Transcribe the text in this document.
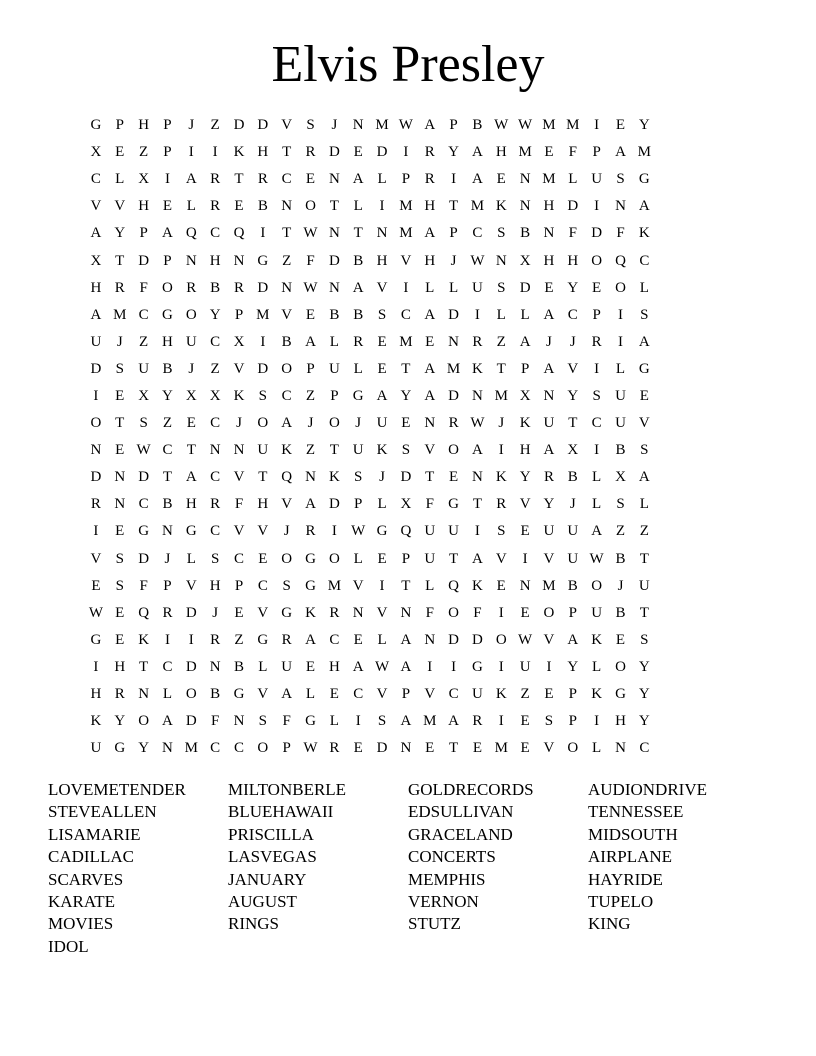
Elvis Presley
G P H P	J	Z D D V S	J	N M W A P B W W M M I	E Y
X E Z	P	I	I	K H T R D E D	I	R Y A H M E	F	P A M
C L X	I	A R T R C E N A L	P R	I	A E N M L U S G
V V H E L R E B N O T L	I M H T M K N H D	I	N A
A Y P A Q C Q	I	T W N T N M A P C S B N F D F K
X T D P N H N G Z	F D B H V H	J W N X H H O Q C
H R F O R B R D N W N A V	I	L L U S D E Y E O L
A M C G O Y P M V E B B S C A D	I	L L A C P	I	S
U	J	Z H U C X	I	B A L R E M E N R Z A	J	J	R	I	A
D S U B	J	Z V D O P U L E T A M K T	P A V	I	L G
I	E X Y X X K S C Z	P G A Y A D N M X N Y S U E
O T	S	Z E C	J	O A	J	O	J	U E N R W J	K U T C U V
N E W C T N N U K Z T U K S V O A	I	H A X	I	B S
D N D T A C V T Q N K S	J	D T E N K Y R B L X A
R N C B H R F H V A D P	L X F G T R V Y	J	L	S	L
I	E G N G C V V	J	R	I W G Q U U	I	S	E U U A Z Z
V S D	J	L	S C E O G O L E	P U T A V	I	V U W B T
E	S	F	P V H P C S G M V	I	T L Q K E N M B O	J	U
W E Q R D	J	E V G K R N V N F O F	I	E O P U B T
G E K	I	I	R Z G R A C E L A N D D O W V A K E	S
I	H T C D N B L U E H A W A	I	I	G	I	U	I	Y L O Y
H R N L O B G V A L E C V P V C U K Z E	P K G Y
K Y O A D F N S	F G L	I	S A M A R	I	E	S	P	I	H Y
U G Y N M C C O P W R E D N E T E M E V O L N C
LOVEMETENDER
STEVEALLEN
LISAMARIE
CADILLAC
SCARVES
KARATE
MOVIES
IDOL
MILTONBERLE
BLUEHAWAII
PRISCILLA
LASVEGAS
JANUARY
AUGUST
RINGS
GOLDRECORDS
EDSULLIVAN
GRACELAND
CONCERTS
MEMPHIS
VERNON
STUTZ
AUDIONDRIVE
TENNESSEE
MIDSOUTH
AIRPLANE
HAYRIDE
TUPELO
KING
